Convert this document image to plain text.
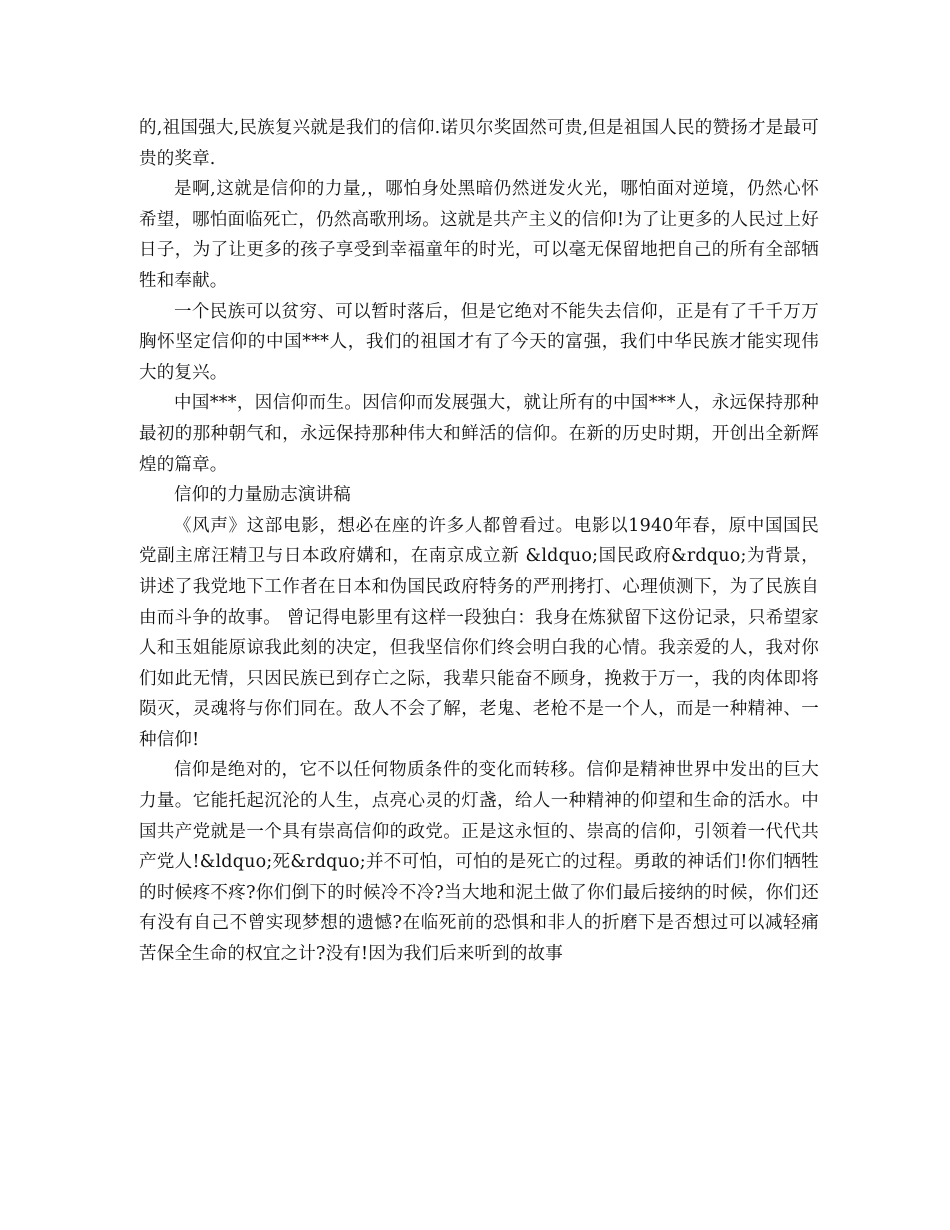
的,祖国强大,民族复兴就是我们的信仰.诺贝尔奖固然可贵,但是祖国人民的赞扬才是最可贵的奖章.

是啊,这就是信仰的力量,，哪怕身处黑暗仍然迸发火光，哪怕面对逆境，仍然心怀希望，哪怕面临死亡，仍然高歌刑场。这就是共产主义的信仰!为了让更多的人民过上好日子，为了让更多的孩子享受到幸福童年的时光，可以毫无保留地把自己的所有全部牺牲和奉献。

一个民族可以贫穷、可以暂时落后，但是它绝对不能失去信仰，正是有了千千万万胸怀坚定信仰的中国***人，我们的祖国才有了今天的富强，我们中华民族才能实现伟大的复兴。

中国***，因信仰而生。因信仰而发展强大，就让所有的中国***人，永远保持那种最初的那种朝气和，永远保持那种伟大和鲜活的信仰。在新的历史时期，开创出全新辉煌的篇章。

信仰的力量励志演讲稿

《风声》这部电影，想必在座的许多人都曾看过。电影以1940年春，原中国国民党副主席汪精卫与日本政府媾和，在南京成立新 &ldquo;国民政府&rdquo;为背景，讲述了我党地下工作者在日本和伪国民政府特务的严刑拷打、心理侦测下，为了民族自由而斗争的故事。 曾记得电影里有这样一段独白：我身在炼狱留下这份记录，只希望家人和玉姐能原谅我此刻的决定，但我坚信你们终会明白我的心情。我亲爱的人，我对你们如此无情，只因民族已到存亡之际，我辈只能奋不顾身，挽救于万一，我的肉体即将陨灭，灵魂将与你们同在。敌人不会了解，老鬼、老枪不是一个人，而是一种精神、一种信仰!

信仰是绝对的，它不以任何物质条件的变化而转移。信仰是精神世界中发出的巨大力量。它能托起沉沦的人生，点亮心灵的灯盏，给人一种精神的仰望和生命的活水。中国共产党就是一个具有崇高信仰的政党。正是这永恒的、崇高的信仰，引领着一代代共产党人!&ldquo;死&rdquo;并不可怕，可怕的是死亡的过程。勇敢的神话们!你们牺牲的时候疼不疼?你们倒下的时候冷不冷?当大地和泥土做了你们最后接纳的时候，你们还有没有自己不曾实现梦想的遗憾?在临死前的恐惧和非人的折磨下是否想过可以减轻痛苦保全生命的权宜之计?没有!因为我们后来听到的故事
